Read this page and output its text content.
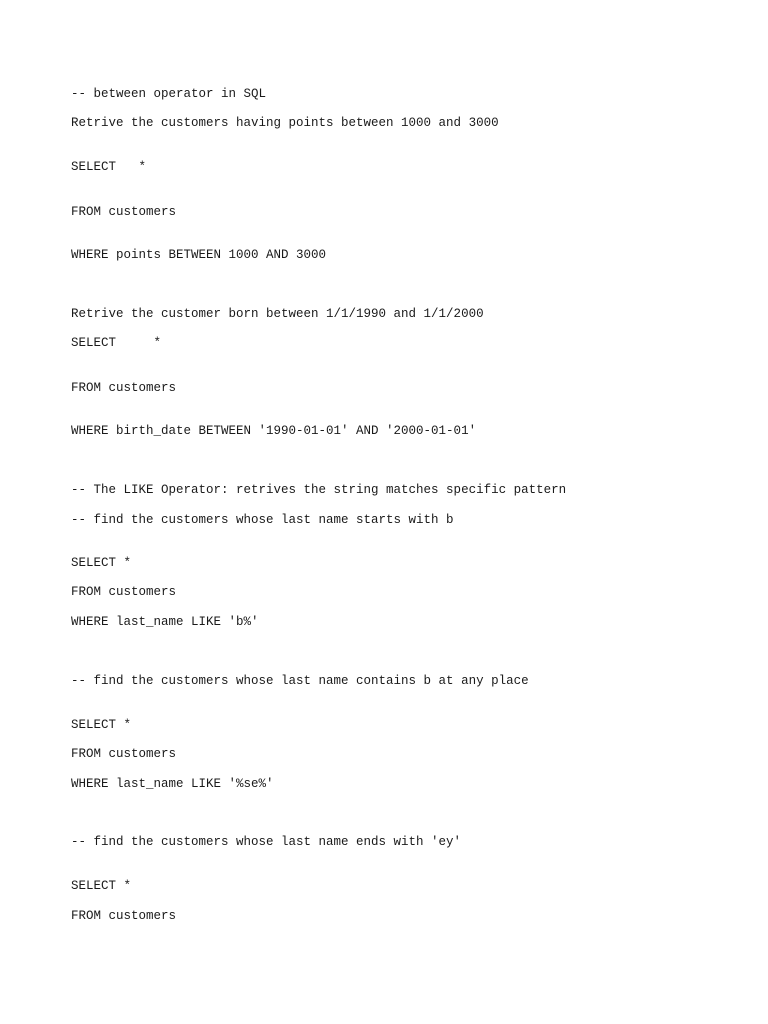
-- between operator in SQL

Retrive the customers having points between 1000 and 3000

SELECT   *

FROM customers

WHERE points BETWEEN 1000 AND 3000

Retrive the customer born between 1/1/1990 and 1/1/2000

SELECT     *

FROM customers

WHERE birth_date BETWEEN '1990-01-01' AND '2000-01-01'

-- The LIKE Operator: retrives the string matches specific pattern

-- find the customers whose last name starts with b

SELECT *

FROM customers

WHERE last_name LIKE 'b%'

-- find the customers whose last name contains b at any place

SELECT *

FROM customers

WHERE last_name LIKE '%se%'

-- find the customers whose last name ends with 'ey'

SELECT *

FROM customers
